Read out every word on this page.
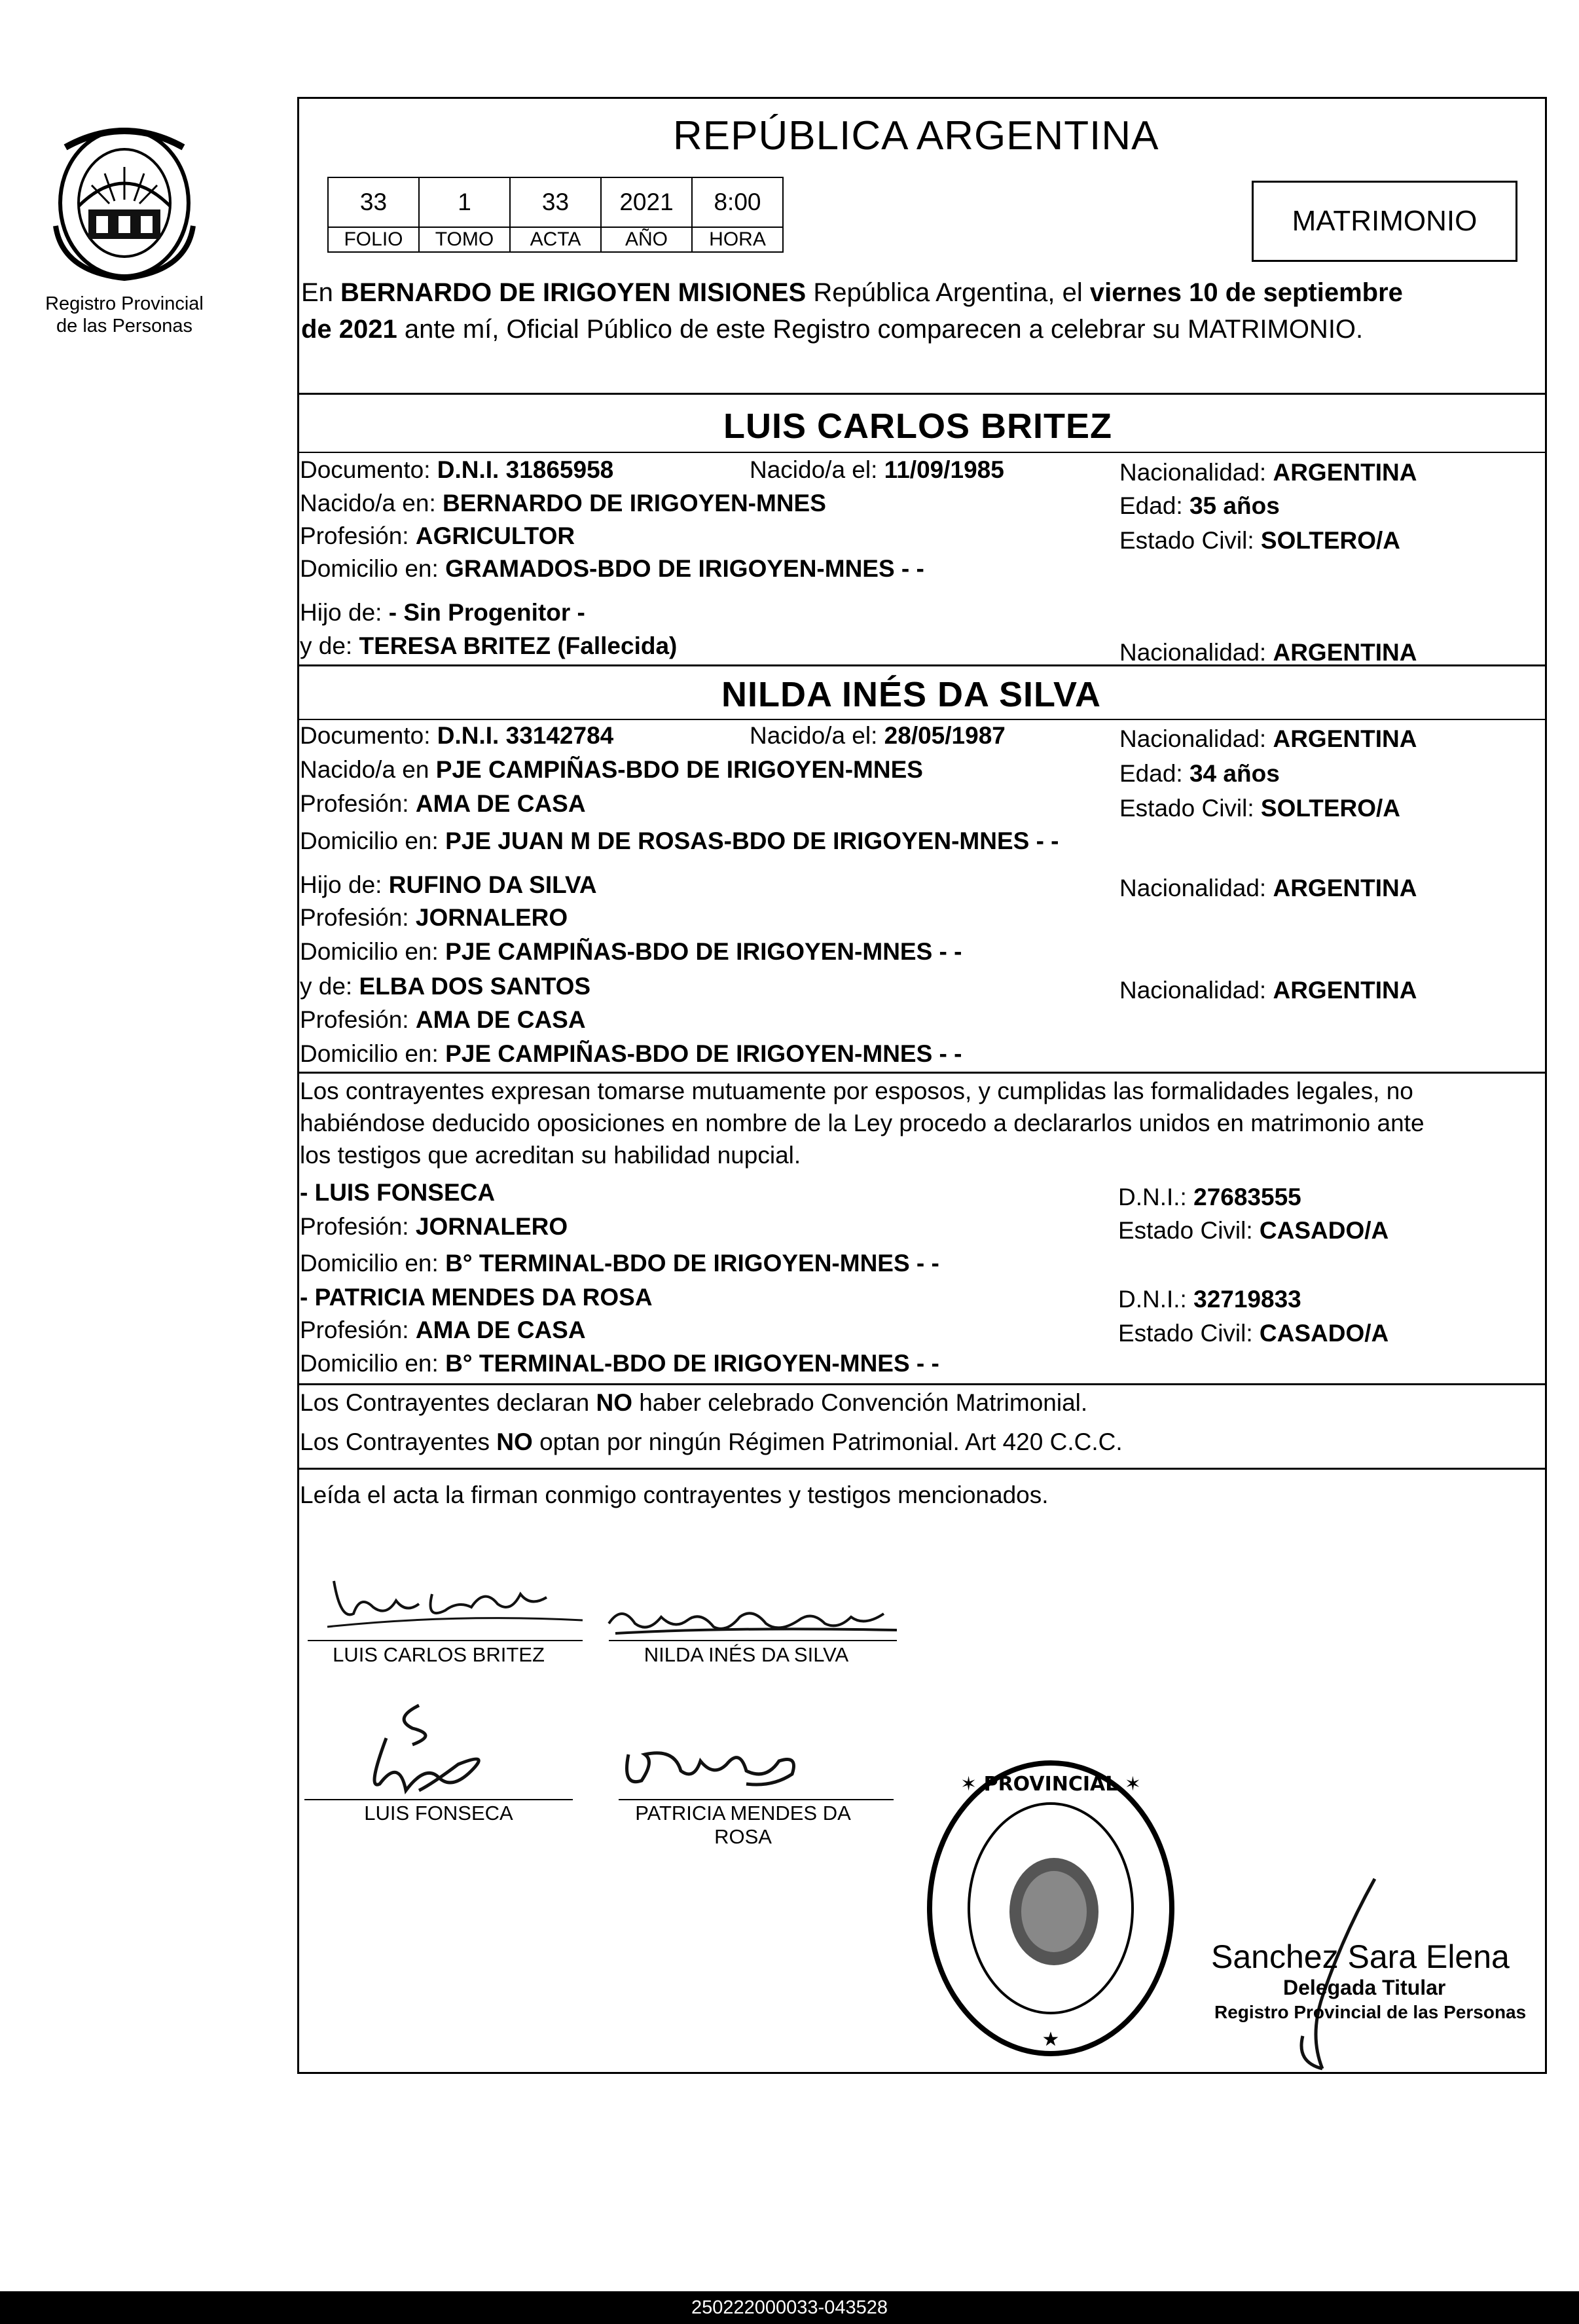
Registro Provincial
de las Personas
REPÚBLICA ARGENTINA
33	1	33	2021	8:00
FOLIO	TOMO	ACTA	AÑO	HORA
MATRIMONIO
En BERNARDO DE IRIGOYEN MISIONES República Argentina, el viernes 10 de septiembre
de 2021 ante mí, Oficial Público de este Registro comparecen a celebrar su MATRIMONIO.
LUIS CARLOS BRITEZ
Documento: D.N.I. 31865958	Nacido/a el: 11/09/1985	Nacionalidad: ARGENTINA
Nacido/a en: BERNARDO DE IRIGOYEN-MNES	Edad: 35 años
Profesión: AGRICULTOR	Estado Civil: SOLTERO/A
Domicilio en: GRAMADOS-BDO DE IRIGOYEN-MNES - -
Hijo de: - Sin Progenitor -
y de: TERESA BRITEZ (Fallecida)	Nacionalidad: ARGENTINA
NILDA INÉS DA SILVA
Documento: D.N.I. 33142784	Nacido/a el: 28/05/1987	Nacionalidad: ARGENTINA
Nacido/a en PJE CAMPIÑAS-BDO DE IRIGOYEN-MNES	Edad: 34 años
Profesión: AMA DE CASA	Estado Civil: SOLTERO/A
Domicilio en: PJE JUAN M DE ROSAS-BDO DE IRIGOYEN-MNES - -
Hijo de: RUFINO DA SILVA	Nacionalidad: ARGENTINA
Profesión: JORNALERO
Domicilio en: PJE CAMPIÑAS-BDO DE IRIGOYEN-MNES - -
y de: ELBA DOS SANTOS	Nacionalidad: ARGENTINA
Profesión: AMA DE CASA
Domicilio en: PJE CAMPIÑAS-BDO DE IRIGOYEN-MNES - -
Los contrayentes expresan tomarse mutuamente por esposos, y cumplidas las formalidades legales, no
habiéndose deducido oposiciones en nombre de la Ley procedo a declararlos unidos en matrimonio ante
los testigos que acreditan su habilidad nupcial.
- LUIS FONSECA	D.N.I.: 27683555
Profesión: JORNALERO	Estado Civil: CASADO/A
Domicilio en: B° TERMINAL-BDO DE IRIGOYEN-MNES - -
- PATRICIA MENDES DA ROSA	D.N.I.: 32719833
Profesión: AMA DE CASA	Estado Civil: CASADO/A
Domicilio en: B° TERMINAL-BDO DE IRIGOYEN-MNES - -
Los Contrayentes declaran NO haber celebrado Convención Matrimonial.
Los Contrayentes NO optan por ningún Régimen Patrimonial. Art 420 C.C.C.
Leída el acta la firman conmigo contrayentes y testigos mencionados.
LUIS CARLOS BRITEZ	NILDA INÉS DA SILVA
LUIS FONSECA	PATRICIA MENDES DA
ROSA
✶ PROVINCIAL ✶
★
Sanchez Sara Elena
Delegada Titular
Registro Provincial de las Personas
250222000033-043528
